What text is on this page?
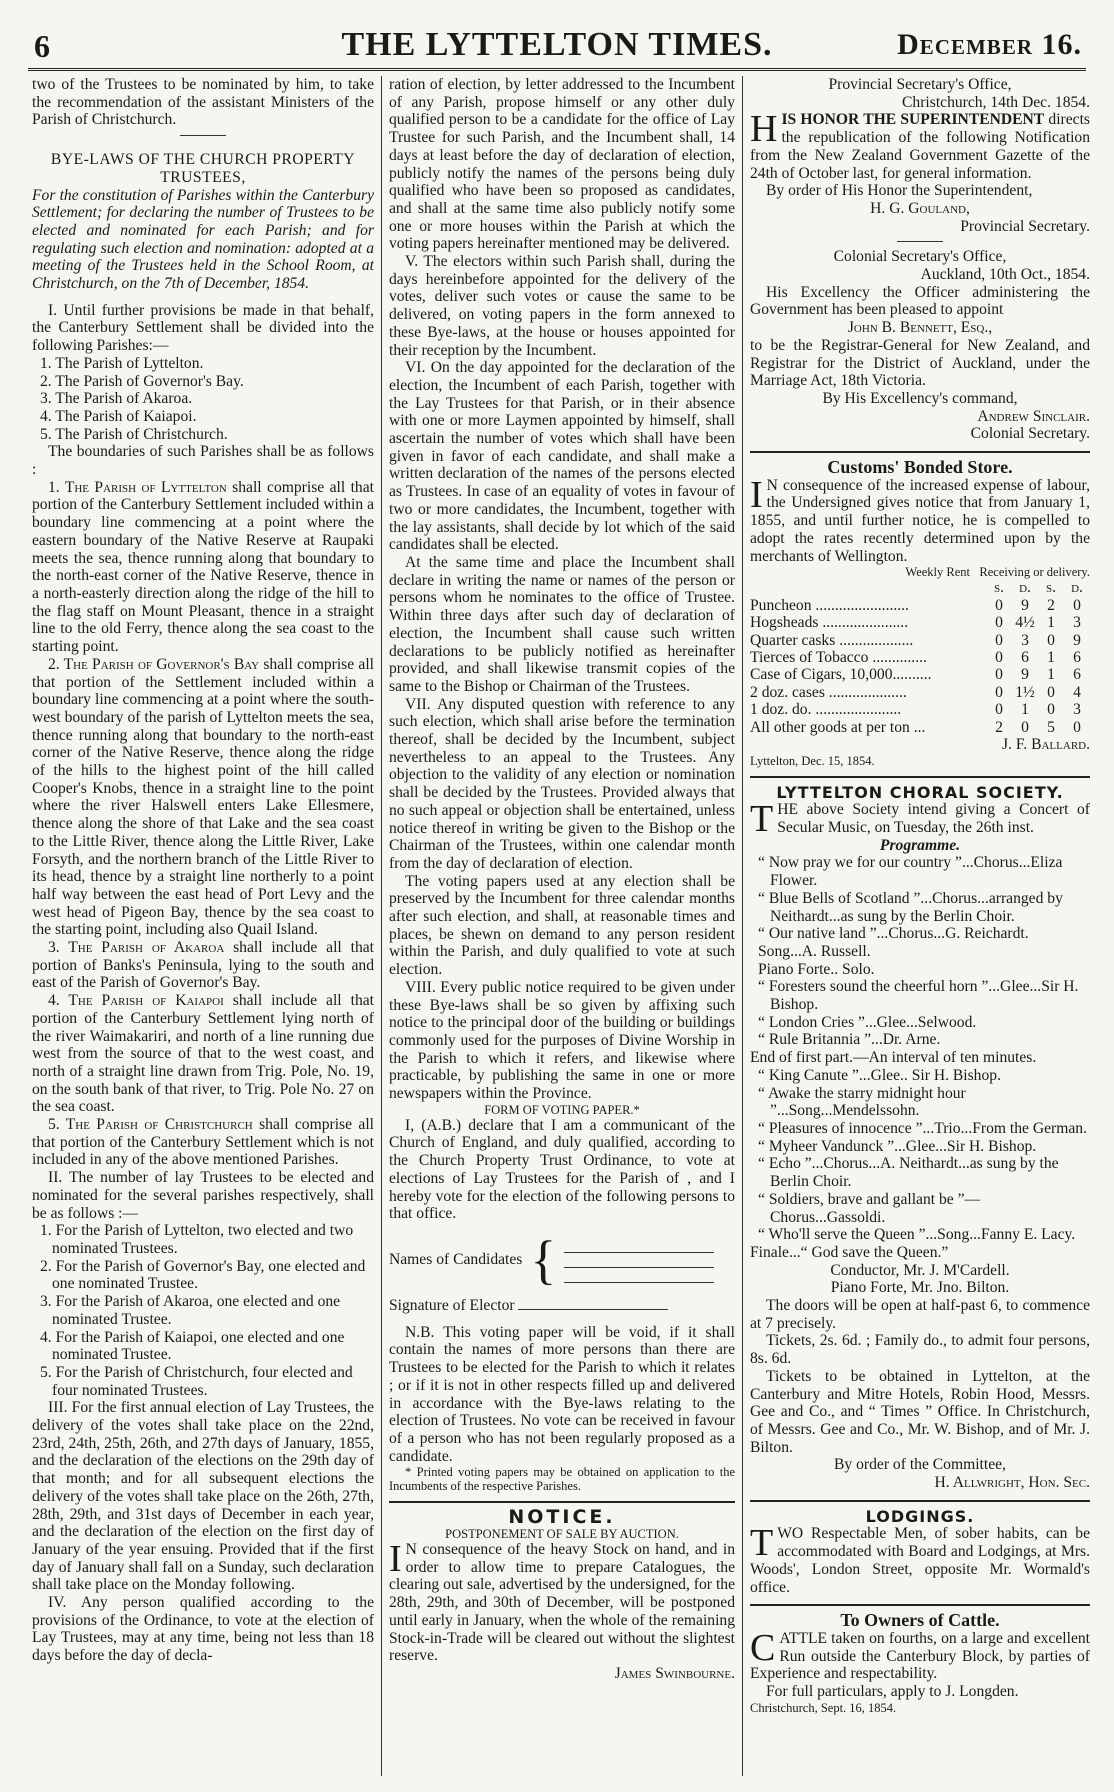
6	THE LYTTELTON TIMES.	December 16.

two of the Trustees to be nominated by him, to take the recommendation of the assistant Ministers of the Parish of Christchurch.

BYE-LAWS OF THE CHURCH PROPERTY TRUSTEES,

For the constitution of Parishes within the Canterbury Settlement; for declaring the number of Trustees to be elected and nominated for each Parish; and for regulating such election and nomination: adopted at a meeting of the Trustees held in the School Room, at Christchurch, on the 7th of December, 1854.

I. Until further provisions be made in that behalf, the Canterbury Settlement shall be divided into the following Parishes:—

1. The Parish of Lyttelton.

2. The Parish of Governor's Bay.

3. The Parish of Akaroa.

4. The Parish of Kaiapoi.

5. The Parish of Christchurch.

The boundaries of such Parishes shall be as follows :

1. The Parish of Lyttelton shall comprise all that portion of the Canterbury Settlement included within a boundary line commencing at a point where the eastern boundary of the Native Reserve at Raupaki meets the sea, thence running along that boundary to the north-east corner of the Native Reserve, thence in a north-easterly direction along the ridge of the hill to the flag staff on Mount Pleasant, thence in a straight line to the old Ferry, thence along the sea coast to the starting point.

2. The Parish of Governor's Bay shall comprise all that portion of the Settlement included within a boundary line commencing at a point where the south-west boundary of the parish of Lyttelton meets the sea, thence running along that boundary to the north-east corner of the Native Reserve, thence along the ridge of the hills to the highest point of the hill called Cooper's Knobs, thence in a straight line to the point where the river Halswell enters Lake Ellesmere, thence along the shore of that Lake and the sea coast to the Little River, thence along the Little River, Lake Forsyth, and the northern branch of the Little River to its head, thence by a straight line northerly to a point half way between the east head of Port Levy and the west head of Pigeon Bay, thence by the sea coast to the starting point, including also Quail Island.

3. The Parish of Akaroa shall include all that portion of Banks's Peninsula, lying to the south and east of the Parish of Governor's Bay.

4. The Parish of Kaiapoi shall include all that portion of the Canterbury Settlement lying north of the river Waimakariri, and north of a line running due west from the source of that to the west coast, and north of a straight line drawn from Trig. Pole, No. 19, on the south bank of that river, to Trig. Pole No. 27 on the sea coast.

5. The Parish of Christchurch shall comprise all that portion of the Canterbury Settlement which is not included in any of the above mentioned Parishes.

II. The number of lay Trustees to be elected and nominated for the several parishes respectively, shall be as follows :—

1. For the Parish of Lyttelton, two elected and two nominated Trustees.

2. For the Parish of Governor's Bay, one elected and one nominated Trustee.

3. For the Parish of Akaroa, one elected and one nominated Trustee.

4. For the Parish of Kaiapoi, one elected and one nominated Trustee.

5. For the Parish of Christchurch, four elected and four nominated Trustees.

III. For the first annual election of Lay Trustees, the delivery of the votes shall take place on the 22nd, 23rd, 24th, 25th, 26th, and 27th days of January, 1855, and the declaration of the elections on the 29th day of that month; and for all subsequent elections the delivery of the votes shall take place on the 26th, 27th, 28th, 29th, and 31st days of December in each year, and the declaration of the election on the first day of January of the year ensuing. Provided that if the first day of January shall fall on a Sunday, such declaration shall take place on the Monday following.

IV. Any person qualified according to the provisions of the Ordinance, to vote at the election of Lay Trustees, may at any time, being not less than 18 days before the day of decla-

ration of election, by letter addressed to the Incumbent of any Parish, propose himself or any other duly qualified person to be a candidate for the office of Lay Trustee for such Parish, and the Incumbent shall, 14 days at least before the day of declaration of election, publicly notify the names of the persons being duly qualified who have been so proposed as candidates, and shall at the same time also publicly notify some one or more houses within the Parish at which the voting papers hereinafter mentioned may be delivered.

V. The electors within such Parish shall, during the days hereinbefore appointed for the delivery of the votes, deliver such votes or cause the same to be delivered, on voting papers in the form annexed to these Bye-laws, at the house or houses appointed for their reception by the Incumbent.

VI. On the day appointed for the declaration of the election, the Incumbent of each Parish, together with the Lay Trustees for that Parish, or in their absence with one or more Laymen appointed by himself, shall ascertain the number of votes which shall have been given in favor of each candidate, and shall make a written declaration of the names of the persons elected as Trustees. In case of an equality of votes in favour of two or more candidates, the Incumbent, together with the lay assistants, shall decide by lot which of the said candidates shall be elected.

At the same time and place the Incumbent shall declare in writing the name or names of the person or persons whom he nominates to the office of Trustee. Within three days after such day of declaration of election, the Incumbent shall cause such written declarations to be publicly notified as hereinafter provided, and shall likewise transmit copies of the same to the Bishop or Chairman of the Trustees.

VII. Any disputed question with reference to any such election, which shall arise before the termination thereof, shall be decided by the Incumbent, subject nevertheless to an appeal to the Trustees. Any objection to the validity of any election or nomination shall be decided by the Trustees. Provided always that no such appeal or objection shall be entertained, unless notice thereof in writing be given to the Bishop or the Chairman of the Trustees, within one calendar month from the day of declaration of election.

The voting papers used at any election shall be preserved by the Incumbent for three calendar months after such election, and shall, at reasonable times and places, be shewn on demand to any person resident within the Parish, and duly qualified to vote at such election.

VIII. Every public notice required to be given under these Bye-laws shall be so given by affixing such notice to the principal door of the building or buildings commonly used for the purposes of Divine Worship in the Parish to which it refers, and likewise where practicable, by publishing the same in one or more newspapers within the Province.

FORM OF VOTING PAPER.*

I, (A.B.) declare that I am a communicant of the Church of England, and duly qualified, according to the Church Property Trust Ordinance, to vote at elections of Lay Trustees for the Parish of , and I hereby vote for the election of the following persons to that office.

Names of Candidates {

Signature of Elector

N.B. This voting paper will be void, if it shall contain the names of more persons than there are Trustees to be elected for the Parish to which it relates ; or if it is not in other respects filled up and delivered in accordance with the Bye-laws relating to the election of Trustees. No vote can be received in favour of a person who has not been regularly proposed as a candidate.

* Printed voting papers may be obtained on application to the Incumbents of the respective Parishes.

NOTICE.

POSTPONEMENT OF SALE BY AUCTION.

I N consequence of the heavy Stock on hand, and in order to allow time to prepare Catalogues, the clearing out sale, advertised by the undersigned, for the 28th, 29th, and 30th of December, will be postponed until early in January, when the whole of the remaining Stock-in-Trade will be cleared out without the slightest reserve.

James Swinbourne.

Provincial Secretary's Office,

Christchurch, 14th Dec. 1854.

HIS HONOR THE SUPERINTENDENT directs the republication of the following Notification from the New Zealand Government Gazette of the 24th of October last, for general information.

By order of His Honor the Superintendent,

H. G. Gouland,

Provincial Secretary.

Colonial Secretary's Office,

Auckland, 10th Oct., 1854.

His Excellency the Officer administering the Government has been pleased to appoint

John B. Bennett, Esq.,

to be the Registrar-General for New Zealand, and Registrar for the District of Auckland, under the Marriage Act, 18th Victoria.

By His Excellency's command,

Andrew Sinclair.

Colonial Secretary.

Customs' Bonded Store.

I N consequence of the increased expense of labour, the Undersigned gives notice that from January 1, 1855, and until further notice, he is compelled to adopt the rates recently determined upon by the merchants of Wellington.

Weekly Rent Receiving or delivery.

	s.	d.	s.	d.
Puncheon ........................	0	9	2	0
Hogsheads ......................	0	4½	1	3
Quarter casks ...................	0	3	0	9
Tierces of Tobacco ..............	0	6	1	6
Case of Cigars, 10,000..........	0	9	1	6
2 doz. cases ....................	0	1½	0	4
1 doz. do. ......................	0	1	0	3
All other goods at per ton ...	2	0	5	0

J. F. Ballard.

Lyttelton, Dec. 15, 1854.

LYTTELTON CHORAL SOCIETY.

THE above Society intend giving a Concert of Secular Music, on Tuesday, the 26th inst.

Programme.

“ Now pray we for our country ”...Chorus...Eliza Flower.

“ Blue Bells of Scotland ”...Chorus...arranged by Neithardt...as sung by the Berlin Choir.

“ Our native land ”...Chorus...G. Reichardt.

Song...A. Russell.

Piano Forte.. Solo.

“ Foresters sound the cheerful horn ”...Glee...Sir H. Bishop.

“ London Cries ”...Glee...Selwood.

“ Rule Britannia ”...Dr. Arne.

End of first part.—An interval of ten minutes.

“ King Canute ”...Glee.. Sir H. Bishop.

“ Awake the starry midnight hour ”...Song...Mendelssohn.

“ Pleasures of innocence ”...Trio...From the German.

“ Myheer Vandunck ”...Glee...Sir H. Bishop.

“ Echo ”...Chorus...A. Neithardt...as sung by the Berlin Choir.

“ Soldiers, brave and gallant be ”—Chorus...Gassoldi.

“ Who'll serve the Queen ”...Song...Fanny E. Lacy.

Finale...“ God save the Queen.”

Conductor, Mr. J. M'Cardell.

Piano Forte, Mr. Jno. Bilton.

The doors will be open at half-past 6, to commence at 7 precisely.

Tickets, 2s. 6d. ; Family do., to admit four persons, 8s. 6d.

Tickets to be obtained in Lyttelton, at the Canterbury and Mitre Hotels, Robin Hood, Messrs. Gee and Co., and “ Times ” Office. In Christchurch, of Messrs. Gee and Co., Mr. W. Bishop, and of Mr. J. Bilton.

By order of the Committee,

H. Allwright, Hon. Sec.

LODGINGS.

TWO Respectable Men, of sober habits, can be accommodated with Board and Lodgings, at Mrs. Woods', London Street, opposite Mr. Wormald's office.

To Owners of Cattle.

CATTLE taken on fourths, on a large and excellent Run outside the Canterbury Block, by parties of Experience and respectability.

For full particulars, apply to J. Longden.

Christchurch, Sept. 16, 1854.
